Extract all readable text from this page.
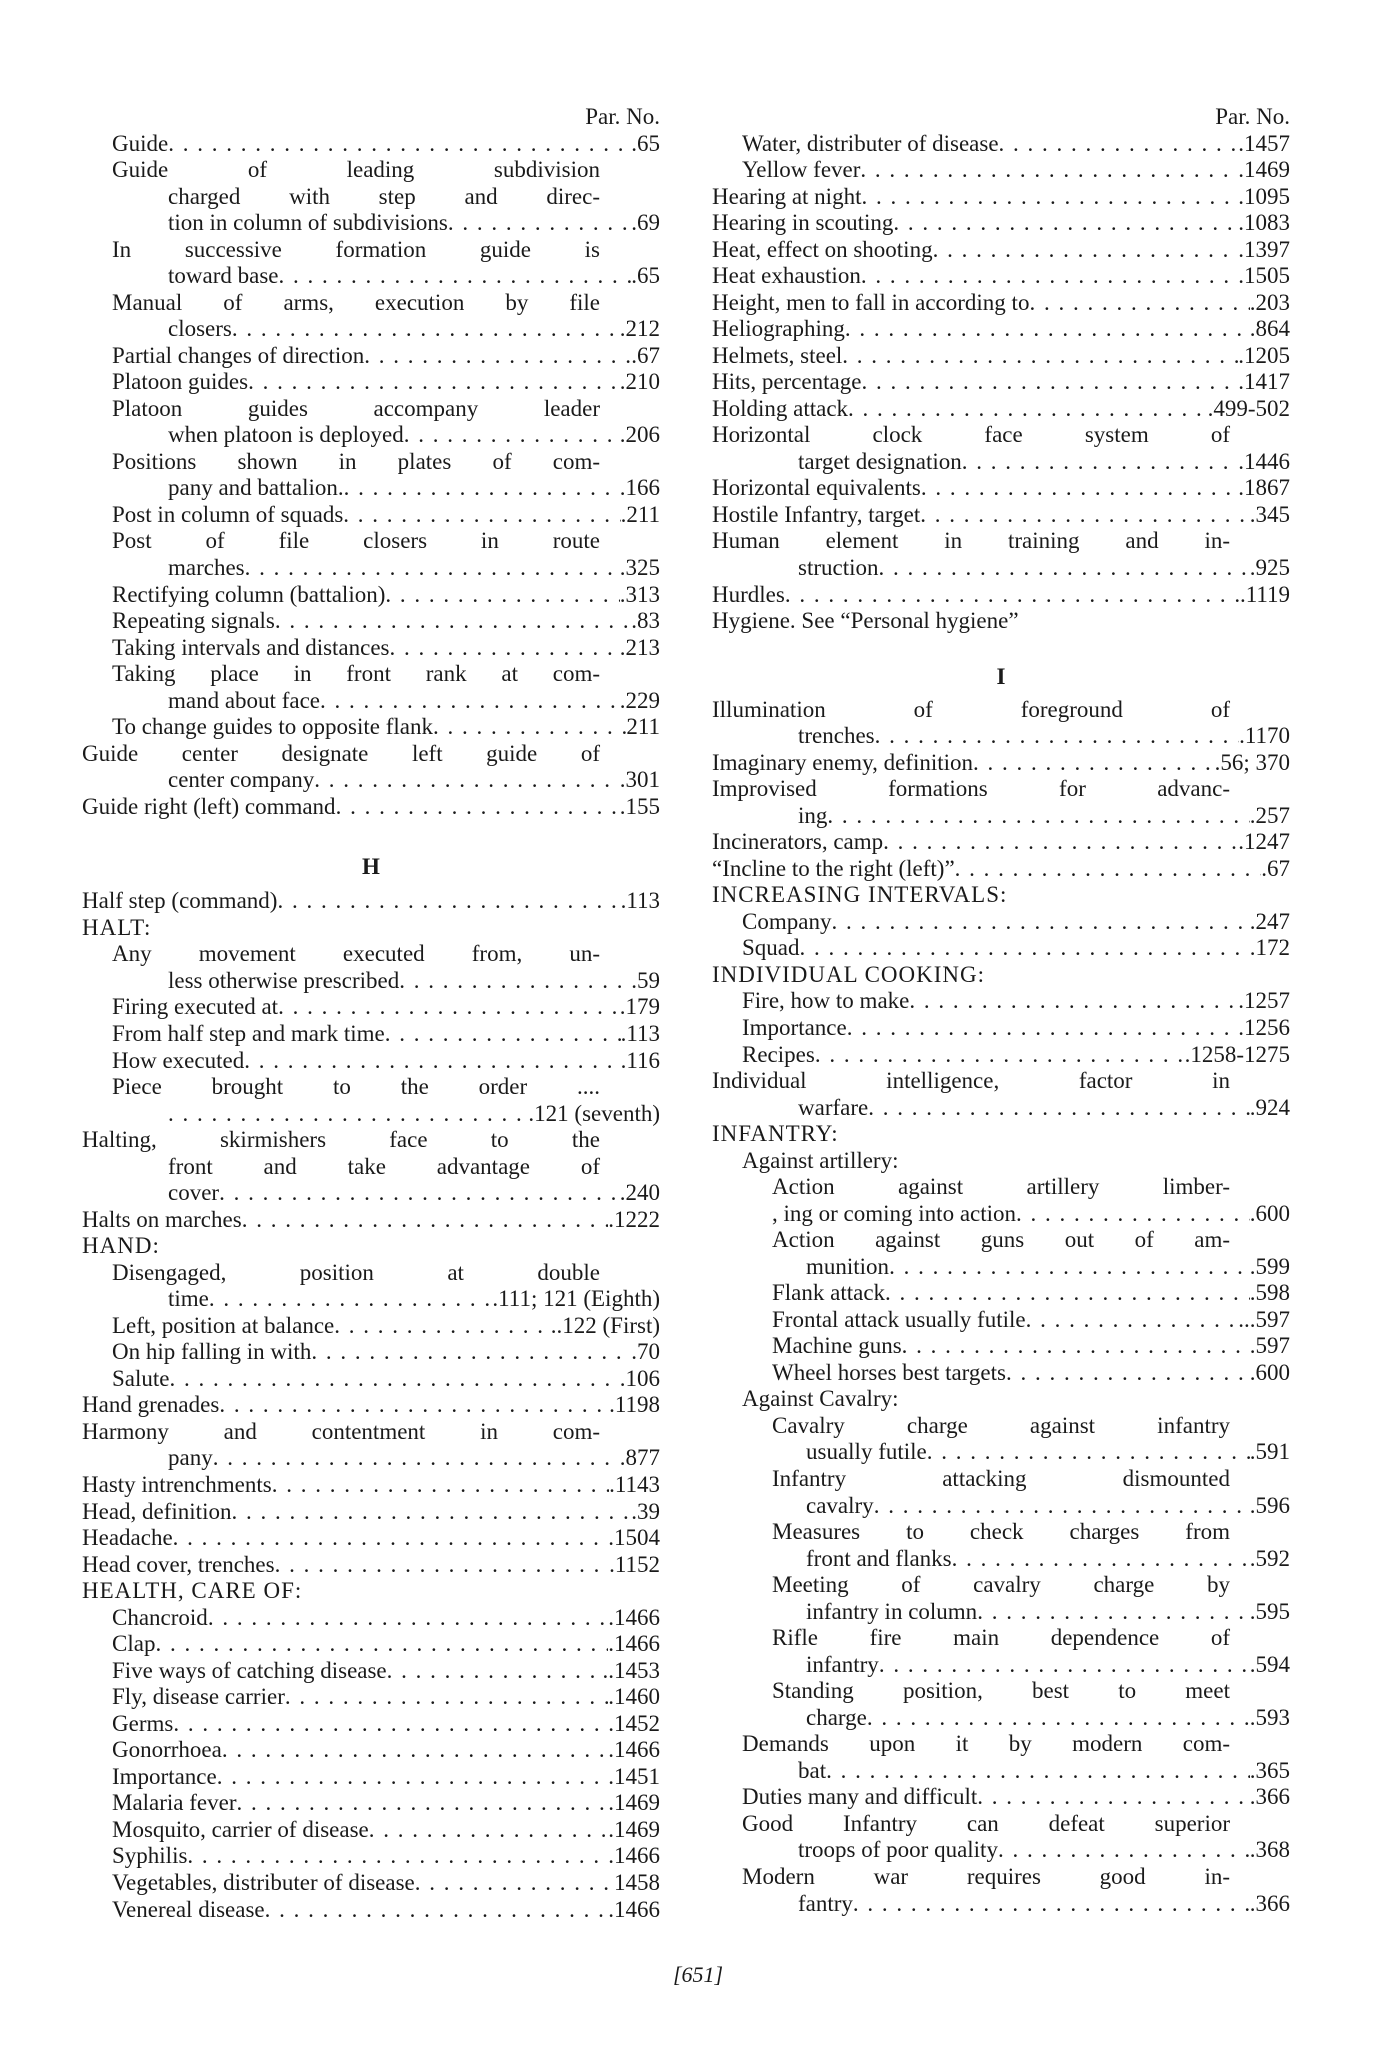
Par. No.
Guide . . .	.65
Guide of leading subdivision
charged with step and direc-
tion in column of subdivisions . . .	.69
In successive formation guide is
toward base . . .	.65
Manual of arms, execution by file
closers . . .	.212
Partial changes of direction . . .	.67
Platoon guides . . .	.210
Platoon guides accompany leader
when platoon is deployed . . .	.206
Positions shown in plates of com-
pany and battalion. . . .	.166
Post in column of squads . . .	.211
Post of file closers in route
marches . . .	.325
Rectifying column (battalion) . . .	.313
Repeating signals . . .	.83
Taking intervals and distances . . .	.213
Taking place in front rank at com-
mand about face . . .	.229
To change guides to opposite flank . . .	211
Guide center designate left guide of
center company . . .	.301
Guide right (left) command . . .	.155
H
Half step (command) . . .	.113
HALT:
Any movement executed from, un-
less otherwise prescribed . . .	.59
Firing executed at . . .	.179
From half step and mark time . . .	.113
How executed . . .	.116
Piece brought to the order ....
. . .
.121 (seventh)
Halting, skirmishers face to the
front and take advantage of
cover . . .	.240
Halts on marches . . .	.1222
HAND:
Disengaged, position at double
time . . .	.111; 121 (Eighth)
Left, position at balance . . .	..122 (First)
On hip falling in with . . .	.70
Salute . . .	.106
Hand grenades . . .	.1198
Harmony and contentment in com-
pany . . .	.877
Hasty intrenchments . . .	.1143
Head, definition . . .	.39
Headache . . .	.1504
Head cover, trenches . . .	.1152
HEALTH, CARE OF:
Chancroid . . .	.1466
Clap . . .	.1466
Five ways of catching disease . . .	..1453
Fly, disease carrier . . .	.1460
Germs . . .	.1452
Gonorrhoea . . .	.1466
Importance . . .	.1451
Malaria fever . . .	.1469
Mosquito, carrier of disease . . .	.1469
Syphilis . . .	.1466
Vegetables, distributer of disease . . .	1458
Venereal disease . . .	.1466
Par. No.
Water, distributer of disease . . .	.1457
Yellow fever . . .	.1469
Hearing at night . . .	.1095
Hearing in scouting . . .	.1083
Heat, effect on shooting . . .	.1397
Heat exhaustion . . .	.1505
Height, men to fall in according to . . .	.203
Heliographing . . .	.864
Helmets, steel . . .	.1205
Hits, percentage . . .	.1417
Holding attack . . .	.499-502
Horizontal clock face system of
target designation . . .	.1446
Horizontal equivalents . . .	.1867
Hostile Infantry, target . . .	.345
Human element in training and in-
struction . . .	.925
Hurdles . . .	.1119
Hygiene. See “Personal hygiene”
I
Illumination of foreground of
trenches . . .	.1170
Imaginary enemy, definition . . .	.56; 370
Improvised formations for advanc-
ing . . .	.257
Incinerators, camp . . .	.1247
“Incline to the right (left)” . . .	.67
INCREASING INTERVALS:
Company . . .	.247
Squad . . .	.172
INDIVIDUAL COOKING:
Fire, how to make . . .	.1257
Importance . . .	.1256
Recipes . . .	.1258-1275
Individual intelligence, factor in
warfare . . .	.924
INFANTRY:
Against artillery:
Action against artillery limber-
, ing or coming into action . . .	.600
Action against guns out of am-
munition . . .	.599
Flank attack . . .	.598
Frontal attack usually futile . . .	...597
Machine guns . . .	.597
Wheel horses best targets . . .	.600
Against Cavalry:
Cavalry charge against infantry
usually futile . . .	.591
Infantry attacking dismounted
cavalry . . .	.596
Measures to check charges from
front and flanks . . .	.592
Meeting of cavalry charge by
infantry in column . . .	.595
Rifle fire main dependence of
infantry . . .	.594
Standing position, best to meet
charge . . .	.593
Demands upon it by modern com-
bat . . .	.365
Duties many and difficult . . .	.366
Good Infantry can defeat superior
troops of poor quality . . .	.368
Modern war requires good in-
fantry . . .	.366
[651]
